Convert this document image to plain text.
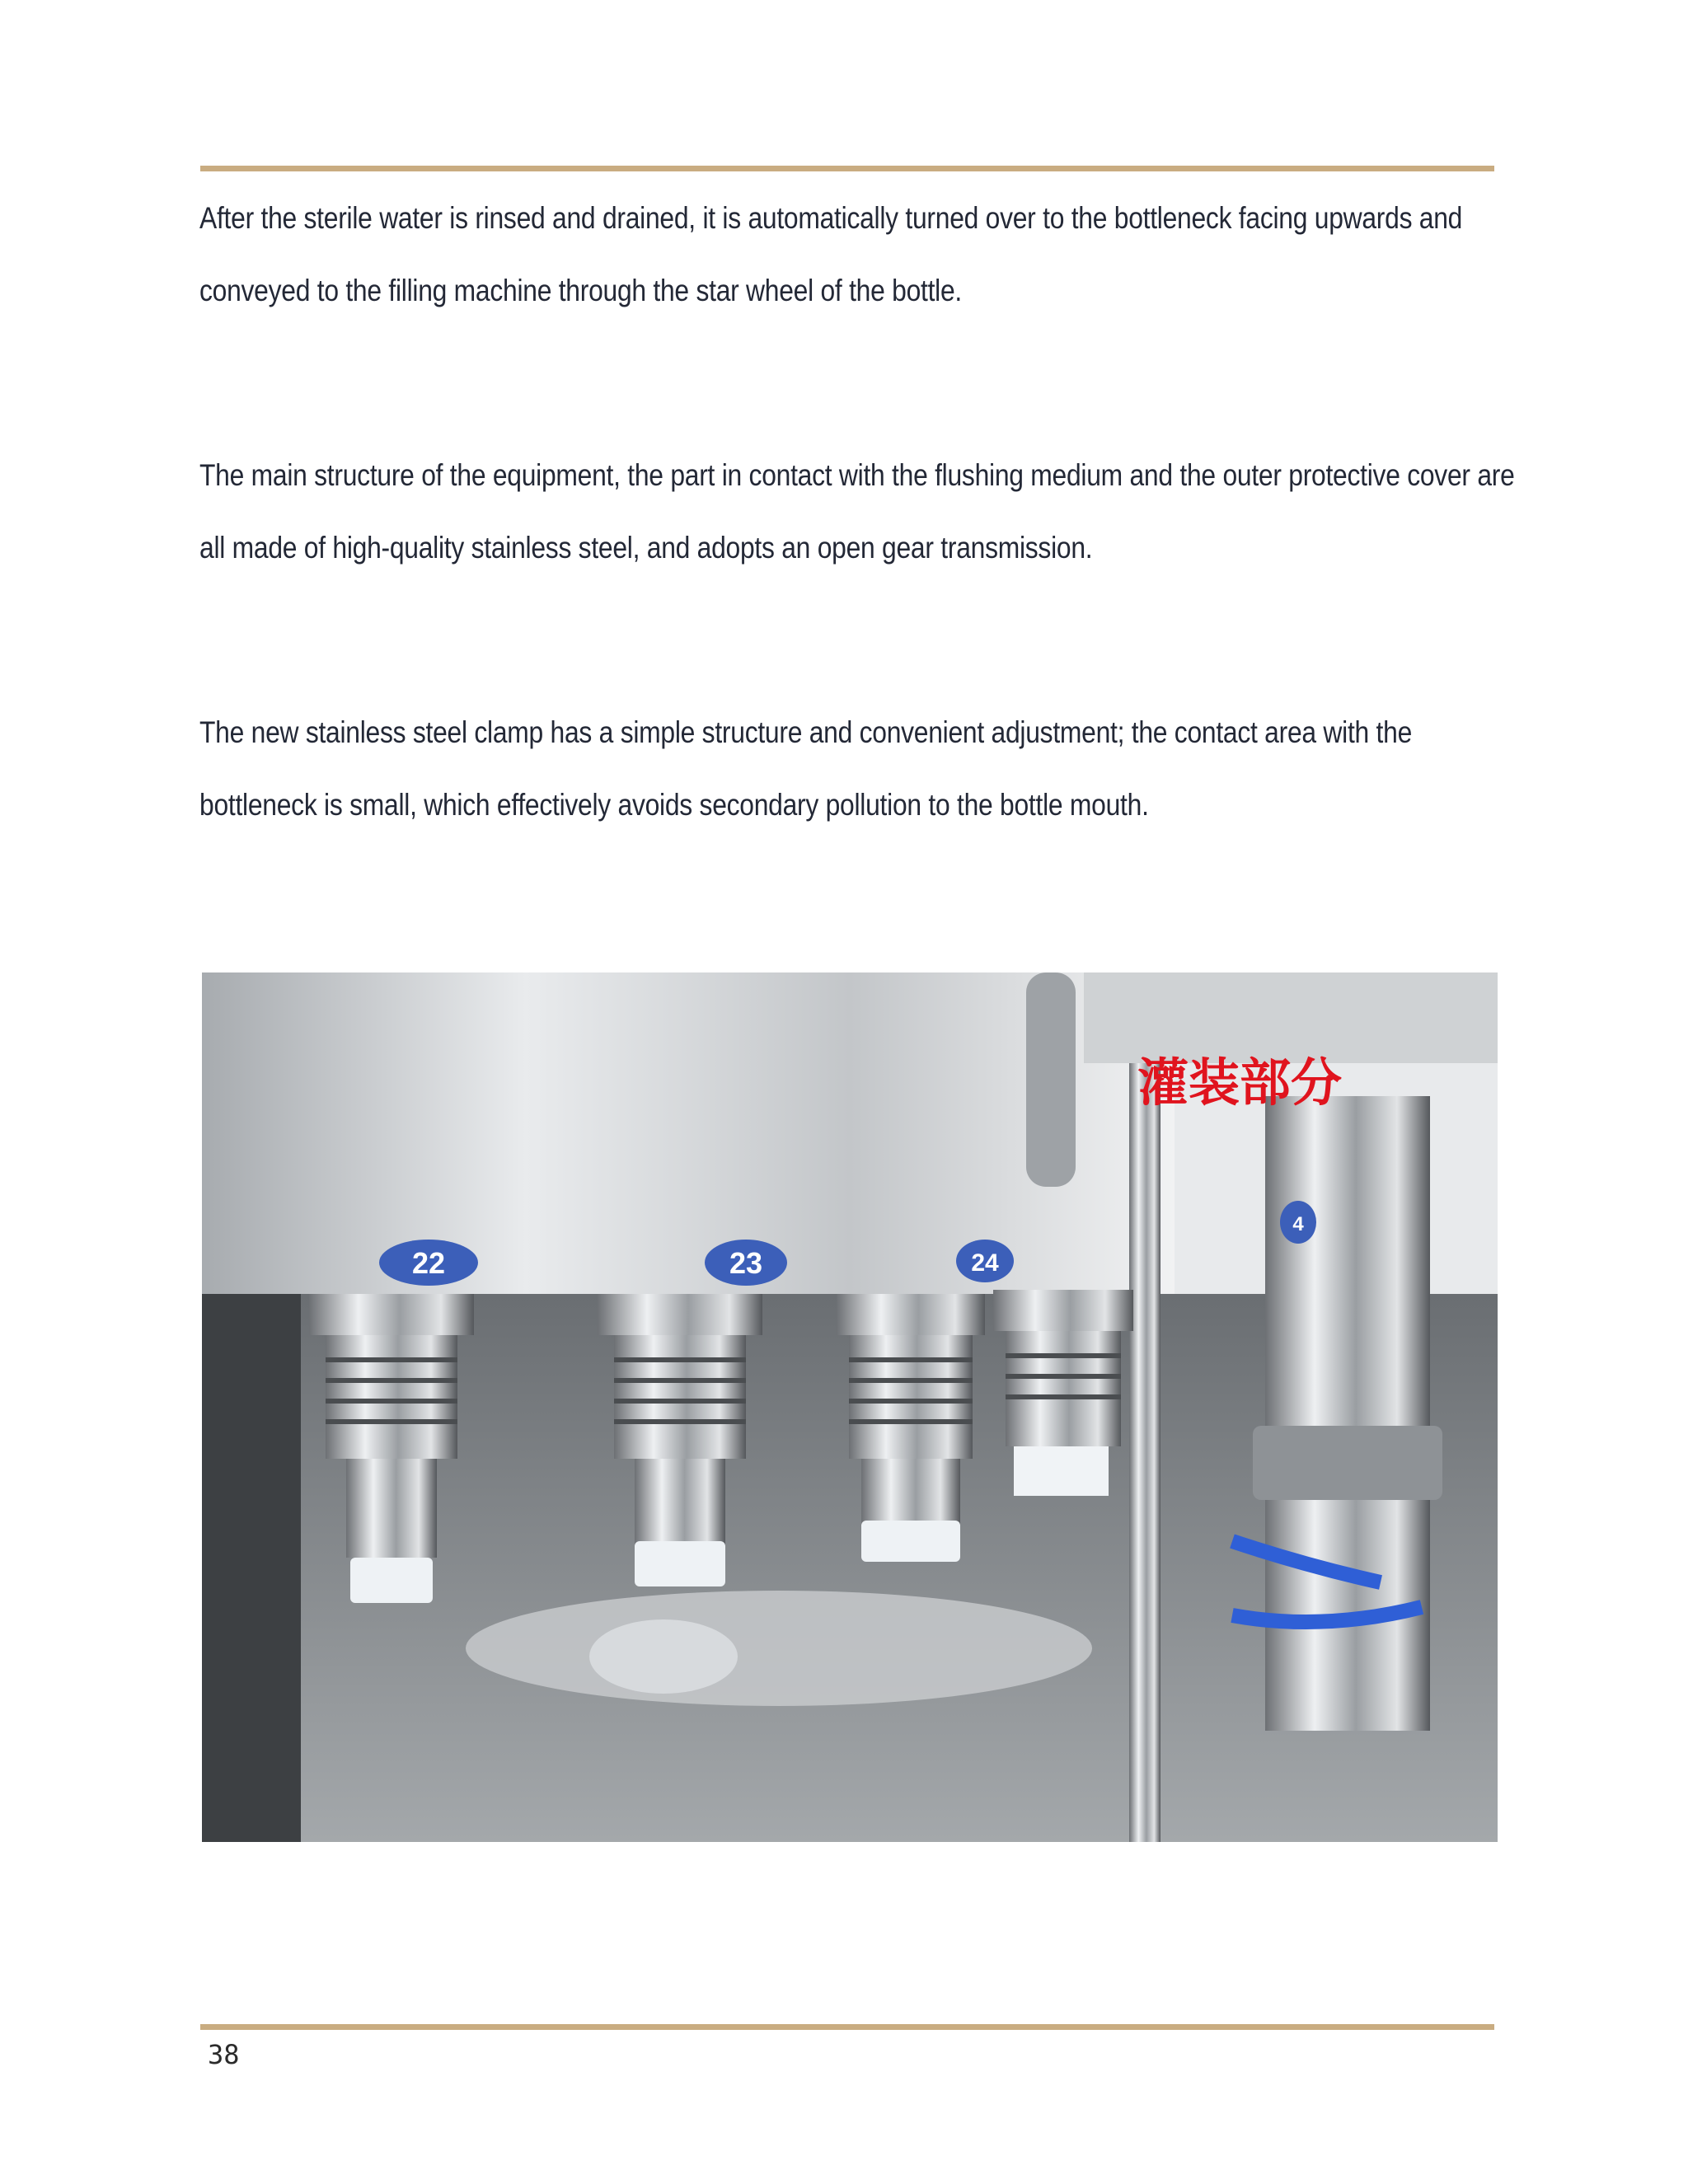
After the sterile water is rinsed and drained, it is automatically turned over to the bottleneck facing upwards and conveyed to the filling machine through the star wheel of the bottle.

The main structure of the equipment, the part in contact with the flushing medium and the outer protective cover are all made of high-quality stainless steel, and adopts an open gear transmission.

The new stainless steel clamp has a simple structure and convenient adjustment; the contact area with the bottleneck is small, which effectively avoids secondary pollution to the bottle mouth.

22	23	24
4
灌装部分
38
